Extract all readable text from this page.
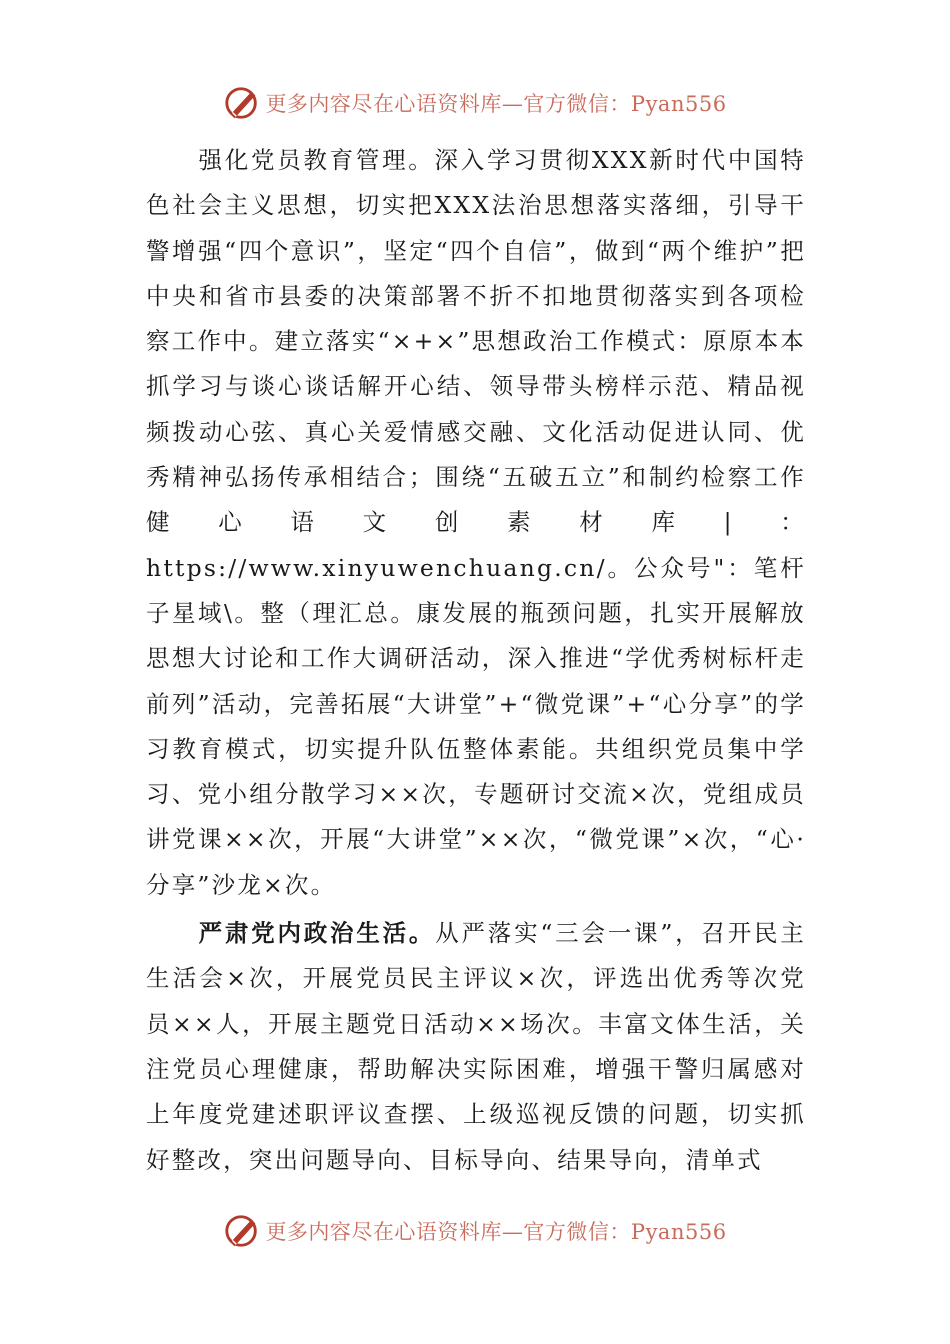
更多内容尽在心语资料库—官方微信：Pyan556

强化党员教育管理。深入学习贯彻XXX新时代中国特色社会主义思想，切实把XXX法治思想落实落细，引导干警增强“四个意识”，坚定“四个自信”，做到“两个维护”把中央和省市县委的决策部署不折不扣地贯彻落实到各项检察工作中。建立落实“×+×”思想政治工作模式：原原本本抓学习与谈心谈话解开心结、领导带头榜样示范、精品视频拨动心弦、真心关爱情感交融、文化活动促进认同、优秀精神弘扬传承相结合；围绕“五破五立”和制约检察工作健心语文创素材库|：https://www.xinyuwenchuang.cn/。公众号"：笔杆子星域\。整（理汇总。康发展的瓶颈问题，扎实开展解放思想大讨论和工作大调研活动，深入推进“学优秀树标杆走前列”活动，完善拓展“大讲堂”+“微党课”+“心分享”的学习教育模式，切实提升队伍整体素能。共组织党员集中学习、党小组分散学习××次，专题研讨交流×次，党组成员讲党课××次，开展“大讲堂”××次，“微党课”×次，“心·分享”沙龙×次。

严肃党内政治生活。从严落实“三会一课”，召开民主生活会×次，开展党员民主评议×次，评选出优秀等次党员××人，开展主题党日活动××场次。丰富文体生活，关注党员心理健康，帮助解决实际困难，增强干警归属感对上年度党建述职评议查摆、上级巡视反馈的问题，切实抓好整改，突出问题导向、目标导向、结果导向，清单式

更多内容尽在心语资料库—官方微信：Pyan556
